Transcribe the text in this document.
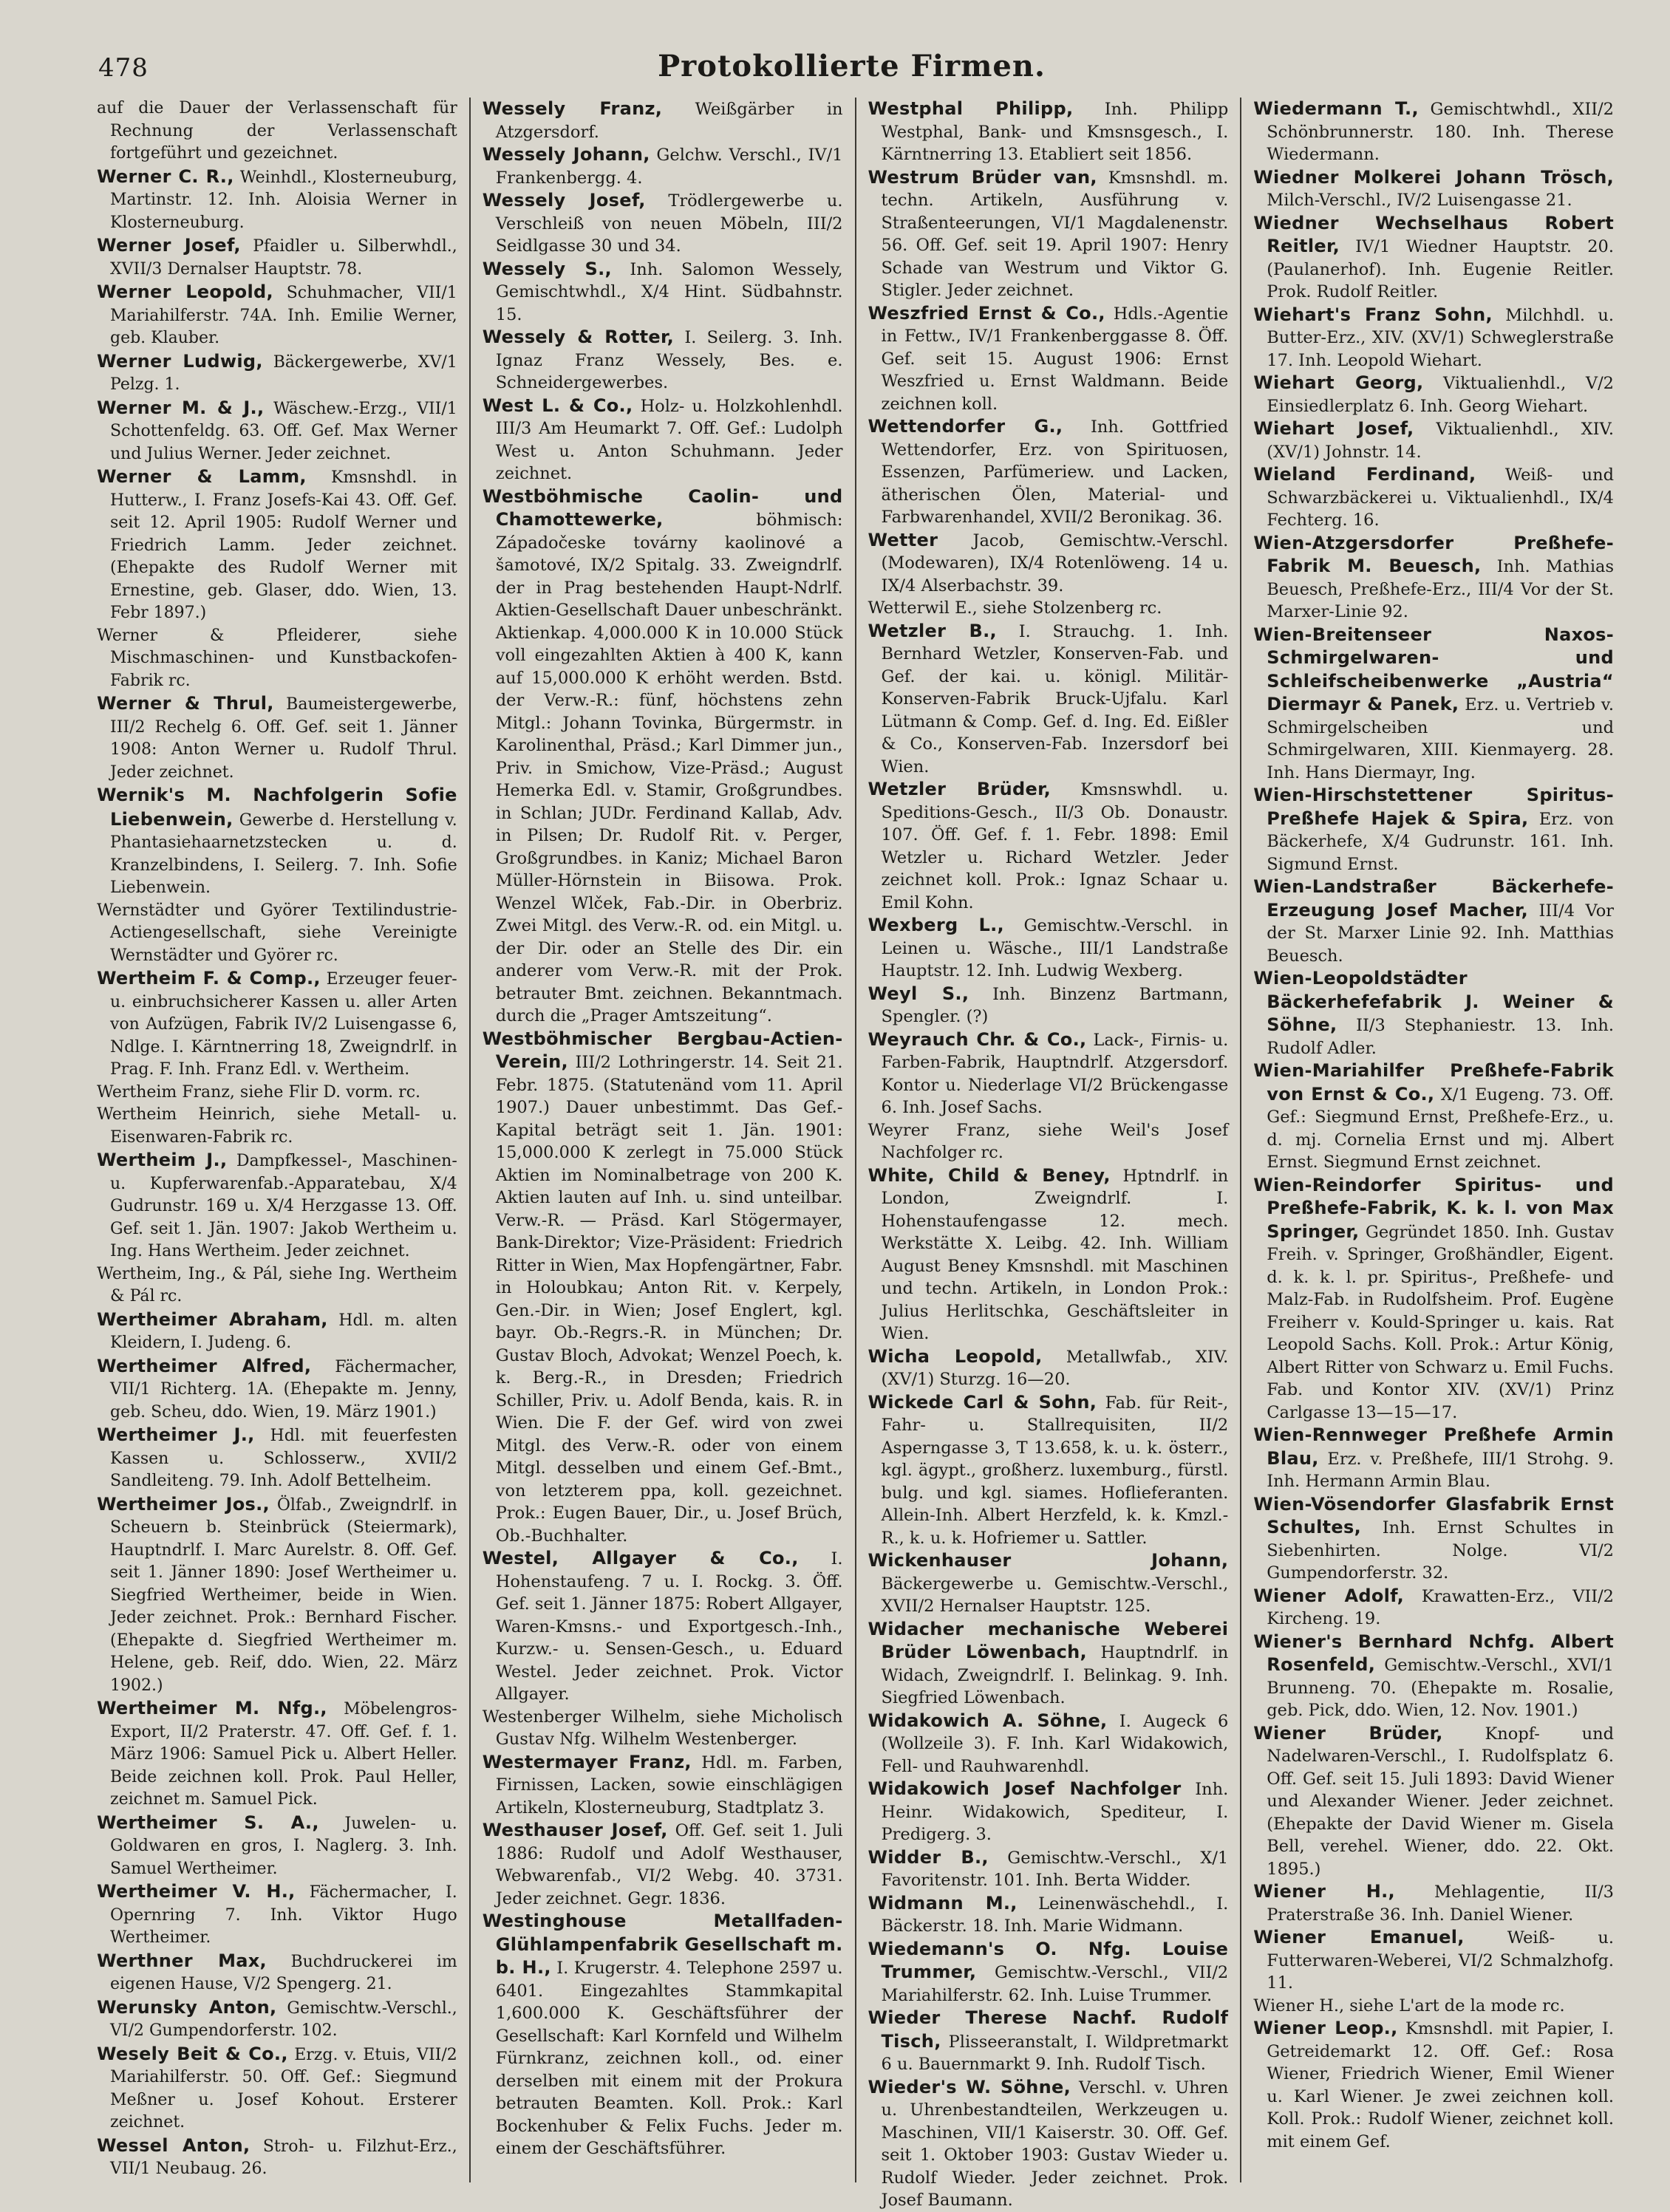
478	Protokollierte Firmen.

auf die Dauer der Verlassenschaft für Rechnung der Verlassenschaft fortgeführt und gezeichnet.

Werner C. R., Weinhdl., Klosterneuburg, Martinstr. 12. Inh. Aloisia Werner in Klosterneuburg.

Werner Josef, Pfaidler u. Silberwhdl., XVII/3 Dernalser Hauptstr. 78.

Werner Leopold, Schuhmacher, VII/1 Mariahilferstr. 74A. Inh. Emilie Werner, geb. Klauber.

Werner Ludwig, Bäckergewerbe, XV/1 Pelzg. 1.

Werner M. & J., Wäschew.-Erzg., VII/1 Schottenfeldg. 63. Off. Gef. Max Werner und Julius Werner. Jeder zeichnet.

Werner & Lamm, Kmsnshdl. in Hutterw., I. Franz Josefs-Kai 43. Off. Gef. seit 12. April 1905: Rudolf Werner und Friedrich Lamm. Jeder zeichnet. (Ehepakte des Rudolf Werner mit Ernestine, geb. Glaser, ddo. Wien, 13. Febr 1897.)

Werner & Pfleiderer, siehe Mischmaschinen- und Kunstbackofen-Fabrik rc.

Werner & Thrul, Baumeistergewerbe, III/2 Rechelg 6. Off. Gef. seit 1. Jänner 1908: Anton Werner u. Rudolf Thrul. Jeder zeichnet.

Wernik's M. Nachfolgerin Sofie Liebenwein, Gewerbe d. Herstellung v. Phantasiehaarnetzstecken u. d. Kranzelbindens, I. Seilerg. 7. Inh. Sofie Liebenwein.

Wernstädter und Györer Textilindustrie-Actiengesellschaft, siehe Vereinigte Wernstädter und Györer rc.

Wertheim F. & Comp., Erzeuger feuer- u. einbruchsicherer Kassen u. aller Arten von Aufzügen, Fabrik IV/2 Luisengasse 6, Ndlge. I. Kärntnerring 18, Zweigndrlf. in Prag. F. Inh. Franz Edl. v. Wertheim.

Wertheim Franz, siehe Flir D. vorm. rc.

Wertheim Heinrich, siehe Metall- u. Eisenwaren-Fabrik rc.

Wertheim J., Dampfkessel-, Maschinen- u. Kupferwarenfab.-Apparatebau, X/4 Gudrunstr. 169 u. X/4 Herzgasse 13. Off. Gef. seit 1. Jän. 1907: Jakob Wertheim u. Ing. Hans Wertheim. Jeder zeichnet.

Wertheim, Ing., & Pál, siehe Ing. Wertheim & Pál rc.

Wertheimer Abraham, Hdl. m. alten Kleidern, I. Judeng. 6.

Wertheimer Alfred, Fächermacher, VII/1 Richterg. 1A. (Ehepakte m. Jenny, geb. Scheu, ddo. Wien, 19. März 1901.)

Wertheimer J., Hdl. mit feuerfesten Kassen u. Schlosserw., XVII/2 Sandleiteng. 79. Inh. Adolf Bettelheim.

Wertheimer Jos., Ölfab., Zweigndrlf. in Scheuern b. Steinbrück (Steiermark), Hauptndrlf. I. Marc Aurelstr. 8. Off. Gef. seit 1. Jänner 1890: Josef Wertheimer u. Siegfried Wertheimer, beide in Wien. Jeder zeichnet. Prok.: Bernhard Fischer. (Ehepakte d. Siegfried Wertheimer m. Helene, geb. Reif, ddo. Wien, 22. März 1902.)

Wertheimer M. Nfg., Möbelengros-Export, II/2 Praterstr. 47. Off. Gef. f. 1. März 1906: Samuel Pick u. Albert Heller. Beide zeichnen koll. Prok. Paul Heller, zeichnet m. Samuel Pick.

Wertheimer S. A., Juwelen- u. Goldwaren en gros, I. Naglerg. 3. Inh. Samuel Wertheimer.

Wertheimer V. H., Fächermacher, I. Opernring 7. Inh. Viktor Hugo Wertheimer.

Werthner Max, Buchdruckerei im eigenen Hause, V/2 Spengerg. 21.

Werunsky Anton, Gemischtw.-Verschl., VI/2 Gumpendorferstr. 102.

Wesely Beit & Co., Erzg. v. Etuis, VII/2 Mariahilferstr. 50. Off. Gef.: Siegmund Meßner u. Josef Kohout. Ersterer zeichnet.

Wessel Anton, Stroh- u. Filzhut-Erz., VII/1 Neubaug. 26.

Wessely Franz, Weißgärber in Atzgersdorf.

Wessely Johann, Gelchw. Verschl., IV/1 Frankenbergg. 4.

Wessely Josef, Trödlergewerbe u. Verschleiß von neuen Möbeln, III/2 Seidlgasse 30 und 34.

Wessely S., Inh. Salomon Wessely, Gemischtwhdl., X/4 Hint. Südbahnstr. 15.

Wessely & Rotter, I. Seilerg. 3. Inh. Ignaz Franz Wessely, Bes. e. Schneidergewerbes.

West L. & Co., Holz- u. Holzkohlenhdl. III/3 Am Heumarkt 7. Off. Gef.: Ludolph West u. Anton Schuhmann. Jeder zeichnet.

Westböhmische Caolin- und Chamottewerke,	böhmisch: Západočeske továrny kaolinové a šamotové, IX/2 Spitalg. 33. Zweigndrlf. der in Prag bestehenden Haupt-Ndrlf. Aktien-Gesellschaft Dauer unbeschränkt. Aktienkap. 4,000.000 K in 10.000 Stück voll eingezahlten Aktien à 400 K, kann auf 15,000.000 K erhöht werden. Bstd. der Verw.-R.: fünf, höchstens zehn Mitgl.: Johann Tovinka, Bürgermstr. in Karolinenthal, Präsd.; Karl Dimmer jun., Priv. in Smichow, Vize-Präsd.; August Hemerka Edl. v. Stamir, Großgrundbes. in Schlan; JUDr. Ferdinand Kallab, Adv. in Pilsen; Dr. Rudolf Rit. v. Perger, Großgrundbes. in Kaniz; Michael Baron Müller-Hörnstein in Biisowa. Prok. Wenzel Wlček, Fab.-Dir. in Oberbriz. Zwei Mitgl. des Verw.-R. od. ein Mitgl. u. der Dir. oder an Stelle des Dir. ein anderer vom Verw.-R. mit der Prok. betrauter Bmt. zeichnen. Bekanntmach. durch die „Prager Amtszeitung“.

Westböhmischer Bergbau-Actien-Verein, III/2 Lothringerstr. 14. Seit 21. Febr. 1875. (Statutenänd vom 11. April 1907.) Dauer unbestimmt. Das Gef.-Kapital beträgt seit 1. Jän. 1901: 15,000.000 K zerlegt in 75.000 Stück Aktien im Nominalbetrage von 200 K. Aktien lauten auf Inh. u. sind unteilbar. Verw.-R. — Präsd. Karl Stögermayer, Bank-Direktor; Vize-Präsident: Friedrich Ritter in Wien, Max Hopfengärtner, Fabr. in Holoubkau; Anton Rit. v. Kerpely, Gen.-Dir. in Wien; Josef Englert, kgl. bayr. Ob.-Regrs.-R. in München; Dr. Gustav Bloch, Advokat; Wenzel Poech, k. k. Berg.-R., in Dresden; Friedrich Schiller, Priv. u. Adolf Benda, kais. R. in Wien. Die F. der Gef. wird von zwei Mitgl. des Verw.-R. oder von einem Mitgl. desselben und einem Gef.-Bmt., von letzterem ppa, koll. gezeichnet. Prok.: Eugen Bauer, Dir., u. Josef Brüch, Ob.-Buchhalter.

Westel, Allgayer & Co., I. Hohenstaufeng. 7 u. I. Rockg. 3. Öff. Gef. seit 1. Jänner 1875: Robert Allgayer, Waren-Kmsns.- und Exportgesch.-Inh., Kurzw.- u. Sensen-Gesch., u. Eduard Westel. Jeder zeichnet. Prok. Victor Allgayer.

Westenberger Wilhelm, siehe Micholisch Gustav Nfg. Wilhelm Westenberger.

Westermayer Franz, Hdl. m. Farben, Firnissen, Lacken, sowie einschlägigen Artikeln, Klosterneuburg, Stadtplatz 3.

Westhauser Josef, Off. Gef. seit 1. Juli 1886: Rudolf und Adolf Westhauser, Webwarenfab., VI/2 Webg. 40. 3731. Jeder zeichnet. Gegr. 1836.

Westinghouse Metallfaden-Glühlampenfabrik Gesellschaft m. b. H., I. Krugerstr. 4. Telephone 2597 u. 6401. Eingezahltes Stammkapital 1,600.000 K. Geschäftsführer der Gesellschaft: Karl Kornfeld und Wilhelm Fürnkranz, zeichnen koll., od. einer derselben mit einem mit der Prokura betrauten Beamten. Koll. Prok.: Karl Bockenhuber & Felix Fuchs. Jeder m. einem der Geschäftsführer.

Westphal Philipp, Inh. Philipp Westphal, Bank- und Kmsnsgesch., I. Kärntnerring 13. Etabliert seit 1856.

Westrum Brüder van, Kmsnshdl. m. techn. Artikeln, Ausführung v. Straßenteerungen, VI/1 Magdalenenstr. 56. Off. Gef. seit 19. April 1907: Henry Schade van Westrum und Viktor G. Stigler. Jeder zeichnet.

Weszfried Ernst & Co., Hdls.-Agentie in Fettw., IV/1 Frankenberggasse 8. Öff. Gef. seit 15. August 1906: Ernst Weszfried u. Ernst Waldmann. Beide zeichnen koll.

Wettendorfer G., Inh. Gottfried Wettendorfer, Erz. von Spirituosen, Essenzen, Parfümeriew. und Lacken, ätherischen Ölen, Material- und Farbwarenhandel, XVII/2 Beronikag. 36.

Wetter Jacob, Gemischtw.-Verschl. (Modewaren), IX/4 Rotenlöweng. 14 u. IX/4 Alserbachstr. 39.

Wetterwil E., siehe Stolzenberg rc.

Wetzler B., I. Strauchg. 1. Inh. Bernhard Wetzler, Konserven-Fab. und Gef. der kai. u. königl. Militär-Konserven-Fabrik Bruck-Ujfalu. Karl Lütmann & Comp. Gef. d. Ing. Ed. Eißler & Co., Konserven-Fab. Inzersdorf bei Wien.

Wetzler Brüder, Kmsnswhdl. u. Speditions-Gesch., II/3 Ob. Donaustr. 107. Öff. Gef. f. 1. Febr. 1898: Emil Wetzler u. Richard Wetzler. Jeder zeichnet koll. Prok.: Ignaz Schaar u. Emil Kohn.

Wexberg L., Gemischtw.-Verschl. in Leinen u. Wäsche., III/1 Landstraße Hauptstr. 12. Inh. Ludwig Wexberg.

Weyl S., Inh. Binzenz Bartmann, Spengler. (?)

Weyrauch Chr. & Co., Lack-, Firnis- u. Farben-Fabrik, Hauptndrlf. Atzgersdorf. Kontor u. Niederlage VI/2 Brückengasse 6. Inh. Josef Sachs.

Weyrer Franz, siehe Weil's Josef Nachfolger rc.

White, Child & Beney, Hptndrlf. in London, Zweigndrlf. I. Hohenstaufengasse 12. mech. Werkstätte X. Leibg. 42. Inh. William August Beney Kmsnshdl. mit Maschinen und techn. Artikeln, in London Prok.: Julius Herlitschka, Geschäftsleiter in Wien.

Wicha Leopold, Metallwfab., XIV. (XV/1) Sturzg. 16—20.

Wickede Carl & Sohn, Fab. für Reit-, Fahr- u. Stallrequisiten, II/2 Asperngasse 3, T 13.658, k. u. k. österr., kgl. ägypt., großherz. luxemburg., fürstl. bulg. und kgl. siames. Hoflieferanten. Allein-Inh. Albert Herzfeld, k. k. Kmzl.-R., k. u. k. Hofriemer u. Sattler.

Wickenhauser Johann, Bäckergewerbe u. Gemischtw.-Verschl., XVII/2 Hernalser Hauptstr. 125.

Widacher mechanische Weberei Brüder Löwenbach, Hauptndrlf. in Widach, Zweigndrlf. I. Belinkag. 9. Inh. Siegfried Löwenbach.

Widakowich A. Söhne, I. Augeck 6 (Wollzeile 3). F. Inh. Karl Widakowich, Fell- und Rauhwarenhdl.

Widakowich Josef Nachfolger Inh. Heinr. Widakowich, Spediteur, I. Predigerg. 3.

Widder B., Gemischtw.-Verschl., X/1 Favoritenstr. 101. Inh. Berta Widder.

Widmann M., Leinenwäschehdl., I. Bäckerstr. 18. Inh. Marie Widmann.

Wiedemann's O. Nfg. Louise Trummer, Gemischtw.-Verschl., VII/2 Mariahilferstr. 62. Inh. Luise Trummer.

Wieder Therese Nachf. Rudolf Tisch, Plisseeranstalt, I. Wildpretmarkt 6 u. Bauernmarkt 9. Inh. Rudolf Tisch.

Wieder's W. Söhne, Verschl. v. Uhren u. Uhrenbestandteilen, Werkzeugen u. Maschinen, VII/1 Kaiserstr. 30. Off. Gef. seit 1. Oktober 1903: Gustav Wieder u. Rudolf Wieder. Jeder zeichnet. Prok. Josef Baumann.

Wiedermann T., Gemischtwhdl., XII/2 Schönbrunnerstr. 180. Inh. Therese Wiedermann.

Wiedner Molkerei Johann Trösch, Milch-Verschl., IV/2 Luisengasse 21.

Wiedner Wechselhaus Robert Reitler, IV/1 Wiedner Hauptstr. 20. (Paulanerhof). Inh. Eugenie Reitler. Prok. Rudolf Reitler.

Wiehart's Franz Sohn, Milchhdl. u. Butter-Erz., XIV. (XV/1) Schweglerstraße 17. Inh. Leopold Wiehart.

Wiehart Georg, Viktualienhdl., V/2 Einsiedlerplatz 6. Inh. Georg Wiehart.

Wiehart Josef, Viktualienhdl., XIV. (XV/1) Johnstr. 14.

Wieland Ferdinand, Weiß- und Schwarzbäckerei u. Viktualienhdl., IX/4 Fechterg. 16.

Wien-Atzgersdorfer Preßhefe-Fabrik M. Beuesch, Inh. Mathias Beuesch, Preßhefe-Erz., III/4 Vor der St. Marxer-Linie 92.

Wien-Breitenseer Naxos-Schmirgelwaren- und Schleifscheibenwerke „Austria“ Diermayr & Panek, Erz. u. Vertrieb v. Schmirgelscheiben und Schmirgelwaren, XIII. Kienmayerg. 28. Inh. Hans Diermayr, Ing.

Wien-Hirschstettener Spiritus-Preßhefe Hajek & Spira, Erz. von Bäckerhefe, X/4 Gudrunstr. 161. Inh. Sigmund Ernst.

Wien-Landstraßer Bäckerhefe-Erzeugung Josef Macher, III/4 Vor der St. Marxer Linie 92. Inh. Matthias Beuesch.

Wien-Leopoldstädter Bäckerhefefabrik J. Weiner & Söhne, II/3 Stephaniestr. 13. Inh. Rudolf Adler.

Wien-Mariahilfer Preßhefe-Fabrik von Ernst & Co., X/1 Eugeng. 73. Off. Gef.: Siegmund Ernst, Preßhefe-Erz., u. d. mj. Cornelia Ernst und mj. Albert Ernst. Siegmund Ernst zeichnet.

Wien-Reindorfer Spiritus- und Preßhefe-Fabrik, K. k. l. von Max Springer, Gegründet 1850. Inh. Gustav Freih. v. Springer, Großhändler, Eigent. d. k. k. l. pr. Spiritus-, Preßhefe- und Malz-Fab. in Rudolfsheim. Prof. Eugène Freiherr v. Kould-Springer u. kais. Rat Leopold Sachs. Koll. Prok.: Artur König, Albert Ritter von Schwarz u. Emil Fuchs. Fab. und Kontor XIV. (XV/1) Prinz Carlgasse 13—15—17.

Wien-Rennweger Preßhefe Armin Blau, Erz. v. Preßhefe, III/1 Strohg. 9. Inh. Hermann Armin Blau.

Wien-Vösendorfer Glasfabrik Ernst Schultes, Inh. Ernst Schultes in Siebenhirten. Nolge. VI/2 Gumpendorferstr. 32.

Wiener Adolf, Krawatten-Erz., VII/2 Kircheng. 19.

Wiener's Bernhard Nchfg. Albert Rosenfeld, Gemischtw.-Verschl., XVI/1 Brunneng. 70. (Ehepakte m. Rosalie, geb. Pick, ddo. Wien, 12. Nov. 1901.)

Wiener Brüder,	Knopf- und Nadelwaren-Verschl., I. Rudolfsplatz 6. Off. Gef. seit 15. Juli 1893: David Wiener und Alexander Wiener. Jeder zeichnet. (Ehepakte der David Wiener m. Gisela Bell, verehel. Wiener, ddo. 22. Okt. 1895.)

Wiener H., Mehlagentie, II/3 Praterstraße 36. Inh. Daniel Wiener.

Wiener Emanuel,	Weiß- u. Futterwaren-Weberei, VI/2 Schmalzhofg. 11.

Wiener H., siehe L'art de la mode rc.

Wiener Leop., Kmsnshdl. mit Papier, I. Getreidemarkt 12. Off. Gef.: Rosa Wiener, Friedrich Wiener, Emil Wiener u. Karl Wiener. Je zwei zeichnen koll. Koll. Prok.: Rudolf Wiener, zeichnet koll. mit einem Gef.
